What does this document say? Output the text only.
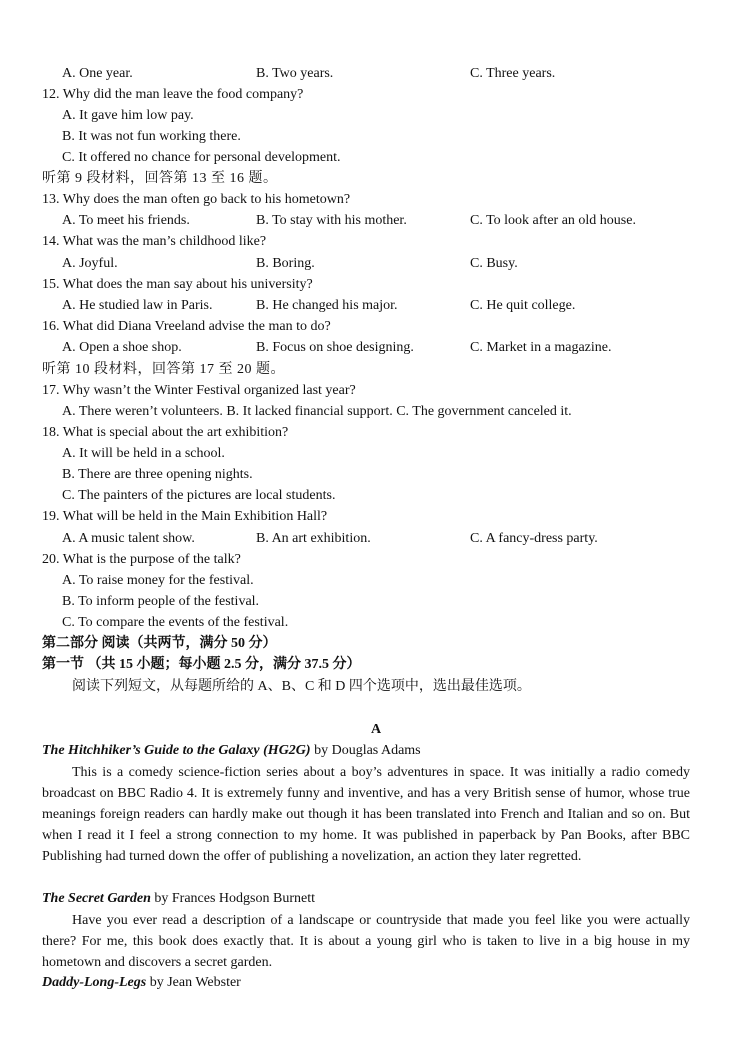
A. One year.	B. Two years.	C. Three years.
12. Why did the man leave the food company?
A. It gave him low pay.
B. It was not fun working there.
C. It offered no chance for personal development.
听第 9 段材料，回答第 13 至 16 题。
13. Why does the man often go back to his hometown?
A. To meet his friends.	B. To stay with his mother.	C. To look after an old house.
14. What was the man’s childhood like?
A. Joyful.	B. Boring.	C. Busy.
15. What does the man say about his university?
A. He studied law in Paris.	B. He changed his major.	C. He quit college.
16. What did Diana Vreeland advise the man to do?
A. Open a shoe shop.	B. Focus on shoe designing.	C. Market in a magazine.
听第 10 段材料，回答第 17 至 20 题。
17. Why wasn’t the Winter Festival organized last year?
A. There weren’t volunteers. B. It lacked financial support. C. The government canceled it.
18. What is special about the art exhibition?
A. It will be held in a school.
B. There are three opening nights.
C. The painters of the pictures are local students.
19. What will be held in the Main Exhibition Hall?
A. A music talent show.	B. An art exhibition.	C. A fancy-dress party.
20. What is the purpose of the talk?
A. To raise money for the festival.
B. To inform people of the festival.
C. To compare the events of the festival.
第二部分 阅读（共两节，满分 50 分）
第一节 （共 15 小题；每小题 2.5 分，满分 37.5 分）
阅读下列短文，从每题所给的 A、B、C 和 D 四个选项中，选出最佳选项。
A
The Hitchhiker’s Guide to the Galaxy (HG2G) by Douglas Adams
This is a comedy science-fiction series about a boy’s adventures in space. It was initially a radio comedy broadcast on BBC Radio 4. It is extremely funny and inventive, and has a very British sense of humor, whose true meanings foreign readers can hardly make out though it has been translated into French and Italian and so on. But when I read it I feel a strong connection to my home. It was published in paperback by Pan Books, after BBC Publishing had turned down the offer of publishing a novelization, an action they later regretted.
The Secret Garden by Frances Hodgson Burnett
Have you ever read a description of a landscape or countryside that made you feel like you were actually there? For me, this book does exactly that. It is about a young girl who is taken to live in a big house in my hometown and discovers a secret garden.
Daddy-Long-Legs by Jean Webster
